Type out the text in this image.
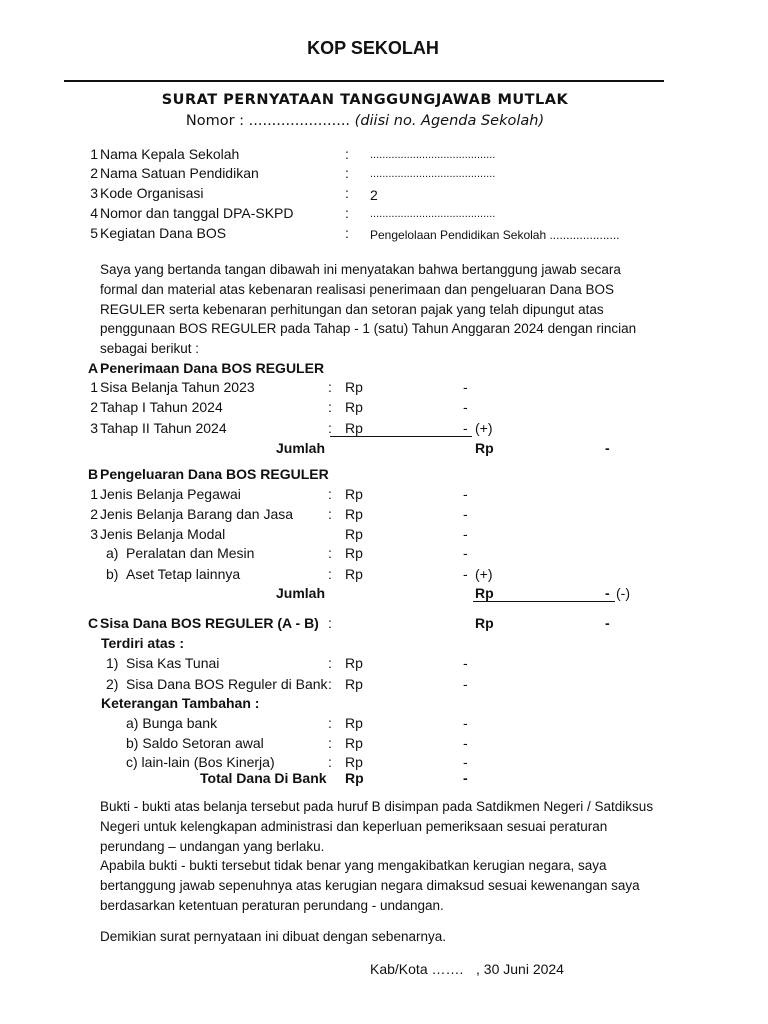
KOP SEKOLAH
SURAT PERNYATAAN TANGGUNGJAWAB MUTLAK
Nomor : ...................... (diisi no. Agenda Sekolah)
1 Nama Kepala Sekolah	: .........................................
2 Nama Satuan Pendidikan	: .........................................
3 Kode Organisasi	: 2
4 Nomor dan tanggal DPA-SKPD	: .........................................
5 Kegiatan Dana BOS	: Pengelolaan Pendidikan Sekolah .....................
Saya yang bertanda tangan dibawah ini menyatakan bahwa bertanggung jawab secara formal dan material atas kebenaran realisasi penerimaan dan pengeluaran Dana BOS REGULER serta kebenaran perhitungan dan setoran pajak yang telah dipungut atas penggunaan BOS REGULER pada Tahap - 1 (satu) Tahun Anggaran 2024 dengan rincian sebagai berikut :
A Penerimaan Dana BOS REGULER
1 Sisa Belanja Tahun 2023	: Rp	-
2 Tahap I Tahun 2024	: Rp	-
3 Tahap II Tahun 2024	: Rp	- (+)
Jumlah	Rp	-
B Pengeluaran Dana BOS REGULER
1 Jenis Belanja Pegawai	: Rp	-
2 Jenis Belanja Barang dan Jasa : Rp	-
3 Jenis Belanja Modal	Rp	-
a) Peralatan dan Mesin	: Rp	-
b) Aset Tetap lainnya	: Rp	- (+)
Jumlah	Rp	- (-)
C Sisa Dana BOS REGULER (A - B) :	Rp	-
Terdiri atas :
1) Sisa Kas Tunai	: Rp	-
2) Sisa Dana BOS Reguler di Bank : Rp	-
Keterangan Tambahan :
a) Bunga bank	: Rp	-
b) Saldo Setoran awal	: Rp	-
c) lain-lain (Bos Kinerja)	: Rp	-
Total Dana Di Bank Rp	-
Bukti - bukti atas belanja tersebut pada huruf B disimpan pada Satdikmen Negeri / Satdiksus Negeri untuk kelengkapan administrasi dan keperluan pemeriksaan sesuai peraturan perundang – undangan yang berlaku.
Apabila bukti - bukti tersebut tidak benar yang mengakibatkan kerugian negara, saya bertanggung jawab sepenuhnya atas kerugian negara dimaksud sesuai kewenangan saya berdasarkan ketentuan peraturan perundang - undangan.
Demikian surat pernyataan ini dibuat dengan sebenarnya.
Kab/Kota ……. , 30 Juni 2024
